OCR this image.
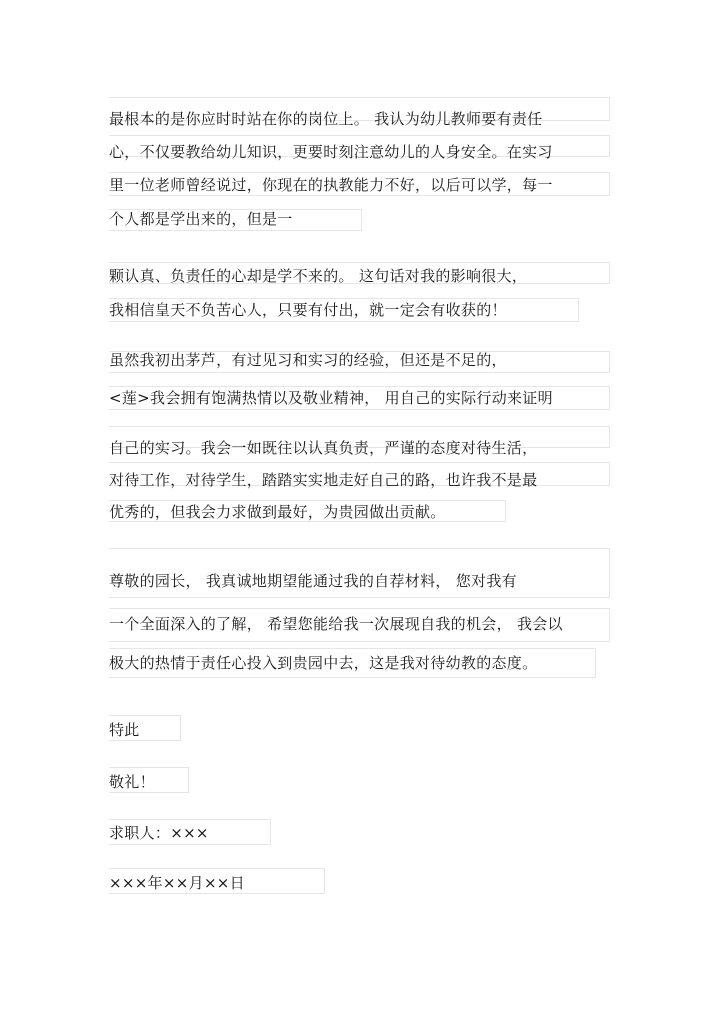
最根本的是你应时时站在你的岗位上。 我认为幼儿教师要有责任
心，不仅要教给幼儿知识，更要时刻注意幼儿的人身安全。在实习
里一位老师曾经说过，你现在的执教能力不好，以后可以学，每一
个人都是学出来的，但是一
颗认真、负责任的心却是学不来的。 这句话对我的影响很大，
我相信皇天不负苦心人，只要有付出，就一定会有收获的！
虽然我初出茅芦，有过见习和实习的经验，但还是不足的，
<莲>我会拥有饱满热情以及敬业精神， 用自己的实际行动来证明
自己的实习。我会一如既往以认真负责，严谨的态度对待生活，
对待工作，对待学生，踏踏实实地走好自己的路，也许我不是最
优秀的，但我会力求做到最好，为贵园做出贡献。
尊敬的园长， 我真诚地期望能通过我的自荐材料， 您对我有
一个全面深入的了解， 希望您能给我一次展现自我的机会， 我会以
极大的热情于责任心投入到贵园中去，这是我对待幼教的态度。
特此
敬礼！
求职人：×××
×××年××月××日
